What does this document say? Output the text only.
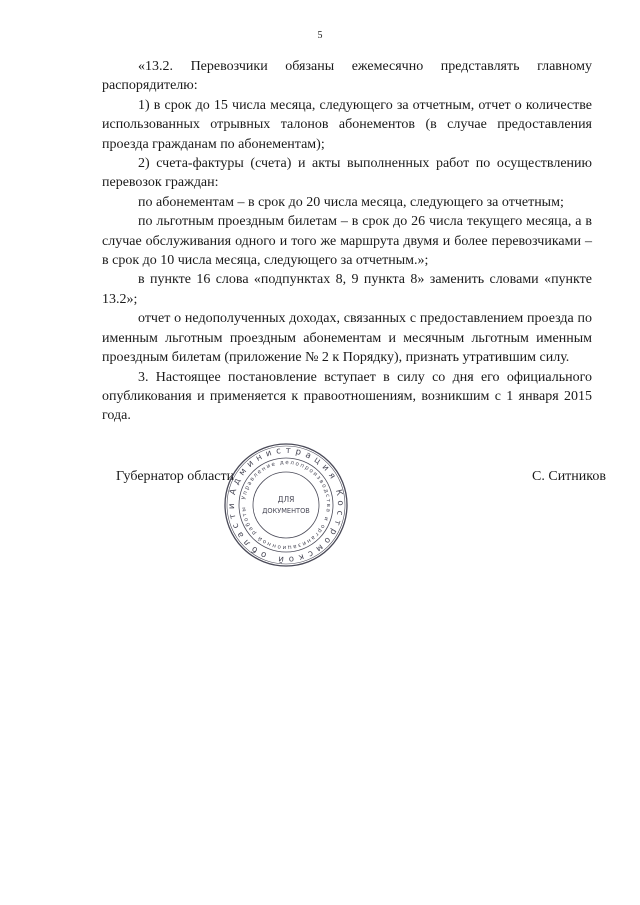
5

«13.2. Перевозчики обязаны ежемесячно представлять главному распорядителю:

1) в срок до 15 числа месяца, следующего за отчетным, отчет о количестве использованных отрывных талонов абонементов (в случае предоставления проезда гражданам по абонементам);

2) счета-фактуры (счета) и акты выполненных работ по осуществлению перевозок граждан:

по абонементам – в срок до 20 числа месяца, следующего за отчетным;

по льготным проездным билетам – в срок до 26 числа текущего месяца, а в случае обслуживания одного и того же маршрута двумя и более перевозчиками – в срок до 10 числа месяца, следующего за отчетным.»;

в пункте 16 слова «подпунктах 8, 9 пункта 8» заменить словами «пункте 13.2»;

отчет о недополученных доходах, связанных с предоставлением проезда по именным льготным проездным абонементам и месячным льготным именным проездным билетам (приложение № 2 к Порядку), признать утратившим силу.

3. Настоящее постановление вступает в силу со дня его официального опубликования и применяется к правоотношениям, возникшим с 1 января 2015 года.

Губернатор области	С. Ситников
Администрация Костромской области
Управление делопроизводства и организационной работы
ДЛЯ
ДОКУМЕНТОВ
